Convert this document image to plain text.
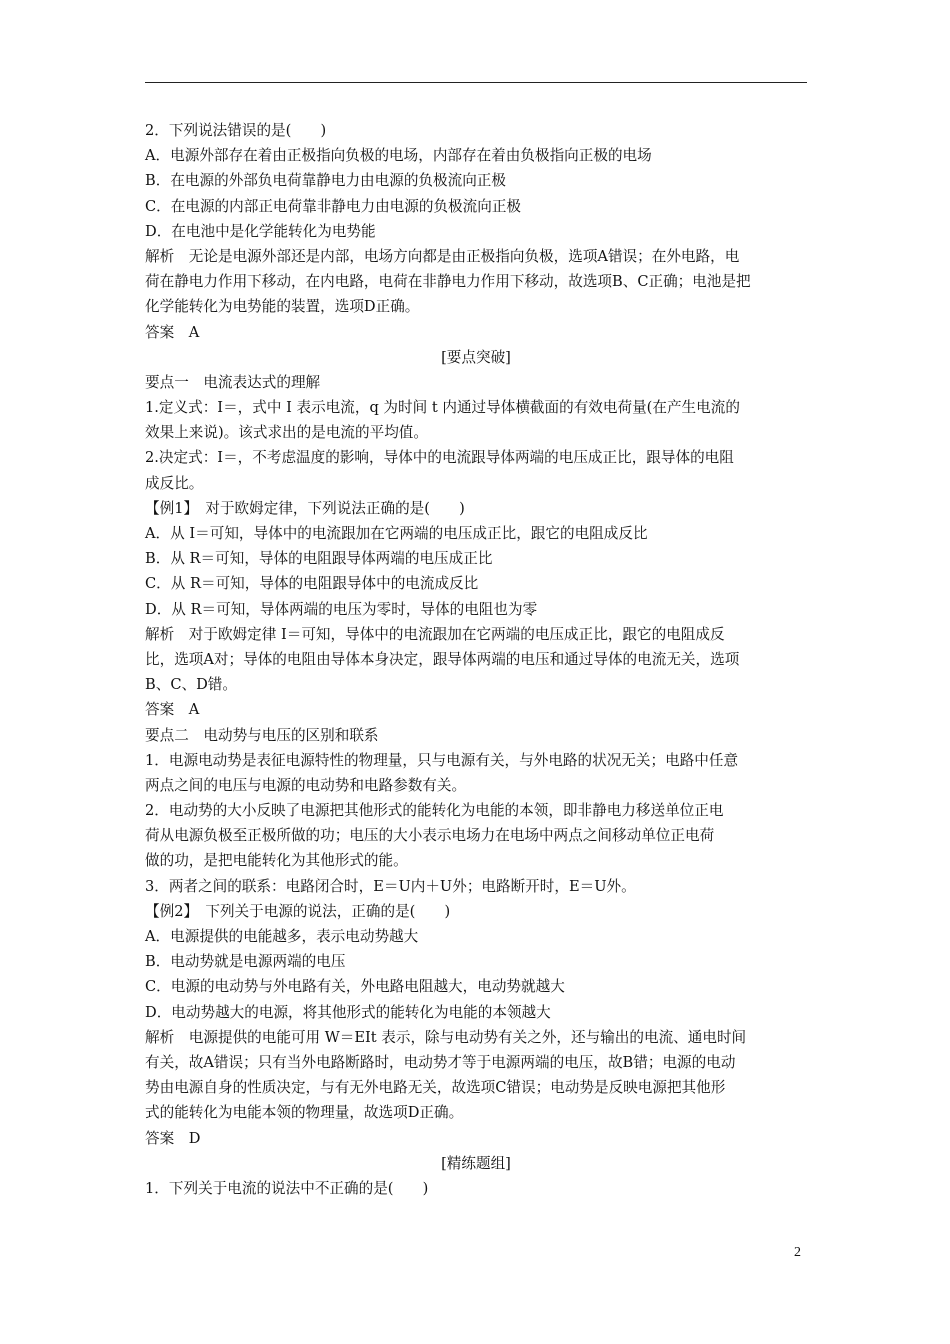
2．下列说法错误的是(　　)
A．电源外部存在着由正极指向负极的电场，内部存在着由负极指向正极的电场
B．在电源的外部负电荷靠静电力由电源的负极流向正极
C．在电源的内部正电荷靠非静电力由电源的负极流向正极
D．在电池中是化学能转化为电势能
解析　无论是电源外部还是内部，电场方向都是由正极指向负极，选项A错误；在外电路，电
荷在静电力作用下移动，在内电路，电荷在非静电力作用下移动，故选项B、C正确；电池是把
化学能转化为电势能的装置，选项D正确。
答案　A
[要点突破]
要点一　电流表达式的理解
1.定义式：I＝，式中 I 表示电流，q 为时间 t 内通过导体横截面的有效电荷量(在产生电流的
效果上来说)。该式求出的是电流的平均值。
2.决定式：I＝，不考虑温度的影响，导体中的电流跟导体两端的电压成正比，跟导体的电阻
成反比。
【例1】　对于欧姆定律，下列说法正确的是(　　)
A．从 I＝可知，导体中的电流跟加在它两端的电压成正比，跟它的电阻成反比
B．从 R＝可知，导体的电阻跟导体两端的电压成正比
C．从 R＝可知，导体的电阻跟导体中的电流成反比
D．从 R＝可知，导体两端的电压为零时，导体的电阻也为零
解析　对于欧姆定律 I＝可知，导体中的电流跟加在它两端的电压成正比，跟它的电阻成反
比，选项A对；导体的电阻由导体本身决定，跟导体两端的电压和通过导体的电流无关，选项
B、C、D错。
答案　A
要点二　电动势与电压的区别和联系
1．电源电动势是表征电源特性的物理量，只与电源有关，与外电路的状况无关；电路中任意
两点之间的电压与电源的电动势和电路参数有关。
2．电动势的大小反映了电源把其他形式的能转化为电能的本领，即非静电力移送单位正电
荷从电源负极至正极所做的功；电压的大小表示电场力在电场中两点之间移动单位正电荷
做的功，是把电能转化为其他形式的能。
3．两者之间的联系：电路闭合时，E＝U内＋U外；电路断开时，E＝U外。
【例2】　下列关于电源的说法，正确的是(　　)
A．电源提供的电能越多，表示电动势越大
B．电动势就是电源两端的电压
C．电源的电动势与外电路有关，外电路电阻越大，电动势就越大
D．电动势越大的电源，将其他形式的能转化为电能的本领越大
解析　电源提供的电能可用 W＝EIt 表示，除与电动势有关之外，还与输出的电流、通电时间
有关，故A错误；只有当外电路断路时，电动势才等于电源两端的电压，故B错；电源的电动
势由电源自身的性质决定，与有无外电路无关，故选项C错误；电动势是反映电源把其他形
式的能转化为电能本领的物理量，故选项D正确。
答案　D
[精练题组]
1．下列关于电流的说法中不正确的是(　　)
2
